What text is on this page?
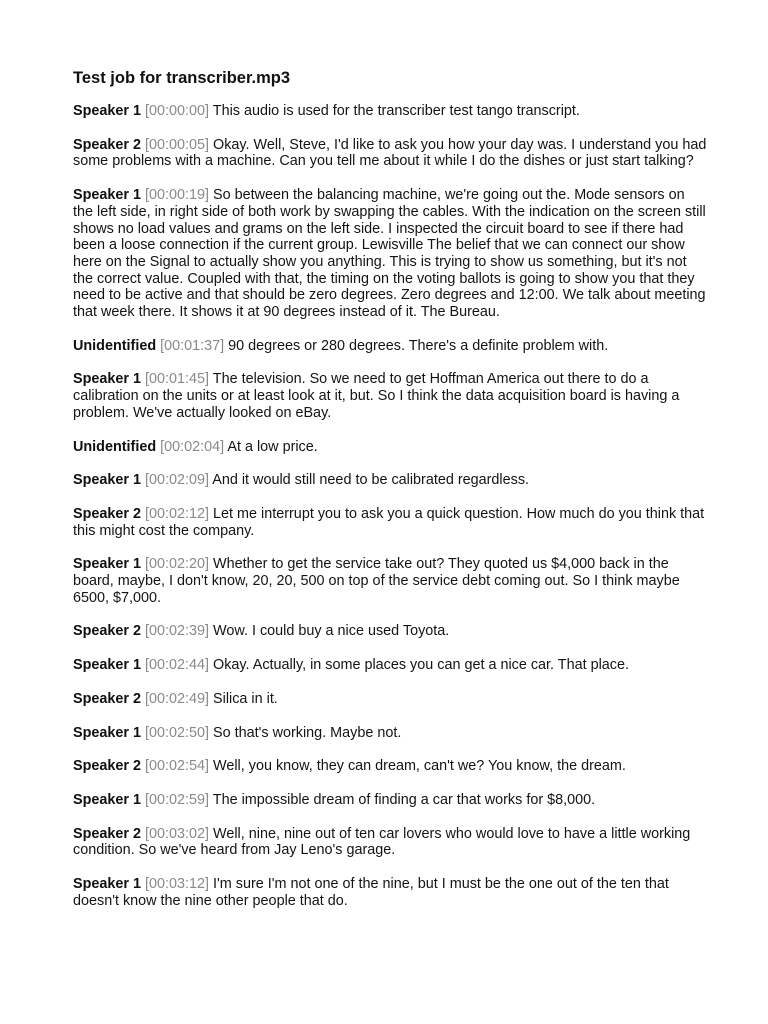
Test job for transcriber.mp3

Speaker 1 [00:00:00] This audio is used for the transcriber test tango transcript.

Speaker 2 [00:00:05] Okay. Well, Steve, I'd like to ask you how your day was. I understand you had some problems with a machine. Can you tell me about it while I do the dishes or just start talking?

Speaker 1 [00:00:19] So between the balancing machine, we're going out the. Mode sensors on the left side, in right side of both work by swapping the cables. With the indication on the screen still shows no load values and grams on the left side. I inspected the circuit board to see if there had been a loose connection if the current group. Lewisville The belief that we can connect our show here on the Signal to actually show you anything. This is trying to show us something, but it's not the correct value. Coupled with that, the timing on the voting ballots is going to show you that they need to be active and that should be zero degrees. Zero degrees and 12:00. We talk about meeting that week there. It shows it at 90 degrees instead of it. The Bureau.

Unidentified [00:01:37] 90 degrees or 280 degrees. There's a definite problem with.

Speaker 1 [00:01:45] The television. So we need to get Hoffman America out there to do a calibration on the units or at least look at it, but. So I think the data acquisition board is having a problem. We've actually looked on eBay.

Unidentified [00:02:04] At a low price.

Speaker 1 [00:02:09] And it would still need to be calibrated regardless.

Speaker 2 [00:02:12] Let me interrupt you to ask you a quick question. How much do you think that this might cost the company.

Speaker 1 [00:02:20] Whether to get the service take out? They quoted us $4,000 back in the board, maybe, I don't know, 20, 20, 500 on top of the service debt coming out. So I think maybe 6500, $7,000.

Speaker 2 [00:02:39] Wow. I could buy a nice used Toyota.

Speaker 1 [00:02:44] Okay. Actually, in some places you can get a nice car. That place.

Speaker 2 [00:02:49] Silica in it.

Speaker 1 [00:02:50] So that's working. Maybe not.

Speaker 2 [00:02:54] Well, you know, they can dream, can't we? You know, the dream.

Speaker 1 [00:02:59] The impossible dream of finding a car that works for $8,000.

Speaker 2 [00:03:02] Well, nine, nine out of ten car lovers who would love to have a little working condition. So we've heard from Jay Leno's garage.

Speaker 1 [00:03:12] I'm sure I'm not one of the nine, but I must be the one out of the ten that doesn't know the nine other people that do.
